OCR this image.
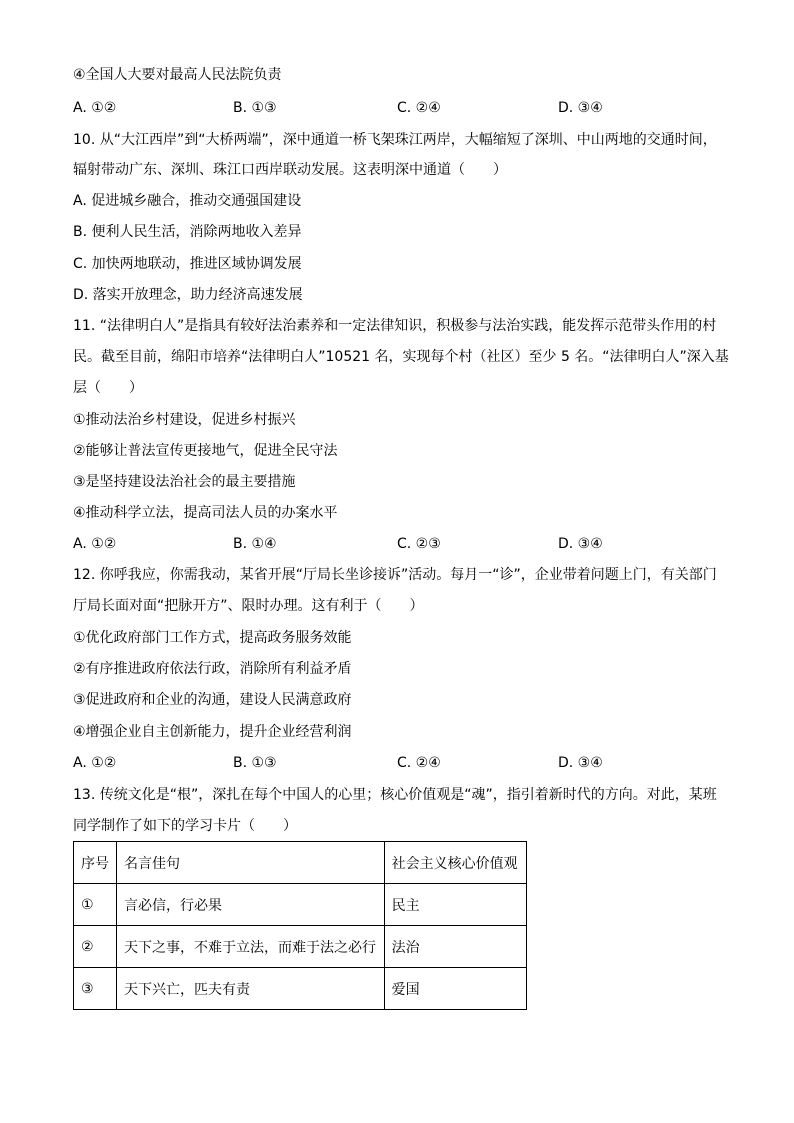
④全国人大要对最高人民法院负责
A. ①②	B. ①③	C. ②④	D. ③④
10. 从“大江西岸”到“大桥两端”，深中通道一桥飞架珠江两岸，大幅缩短了深圳、中山两地的交通时间，
辐射带动广东、深圳、珠江口西岸联动发展。这表明深中通道（　　）
A. 促进城乡融合，推动交通强国建设
B. 便利人民生活，消除两地收入差异
C. 加快两地联动，推进区域协调发展
D. 落实开放理念，助力经济高速发展
11. “法律明白人”是指具有较好法治素养和一定法律知识，积极参与法治实践，能发挥示范带头作用的村
民。截至目前，绵阳市培养“法律明白人”10521 名，实现每个村（社区）至少 5 名。“法律明白人”深入基
层（　　）
①推动法治乡村建设，促进乡村振兴
②能够让普法宣传更接地气，促进全民守法
③是坚持建设法治社会的最主要措施
④推动科学立法，提高司法人员的办案水平
A. ①②	B. ①④	C. ②③	D. ③④
12. 你呼我应，你需我动，某省开展“厅局长坐诊接诉”活动。每月一“诊”，企业带着问题上门，有关部门
厅局长面对面“把脉开方”、限时办理。这有利于（　　）
①优化政府部门工作方式，提高政务服务效能
②有序推进政府依法行政，消除所有利益矛盾
③促进政府和企业的沟通，建设人民满意政府
④增强企业自主创新能力，提升企业经营利润
A. ①②	B. ①③	C. ②④	D. ③④
13. 传统文化是“根”，深扎在每个中国人的心里；核心价值观是“魂”，指引着新时代的方向。对此，某班
同学制作了如下的学习卡片（　　）
序号	名言佳句	社会主义核心价值观
①	言必信，行必果	民主
②	天下之事，不难于立法，而难于法之必行	法治
③	天下兴亡，匹夫有责	爱国
